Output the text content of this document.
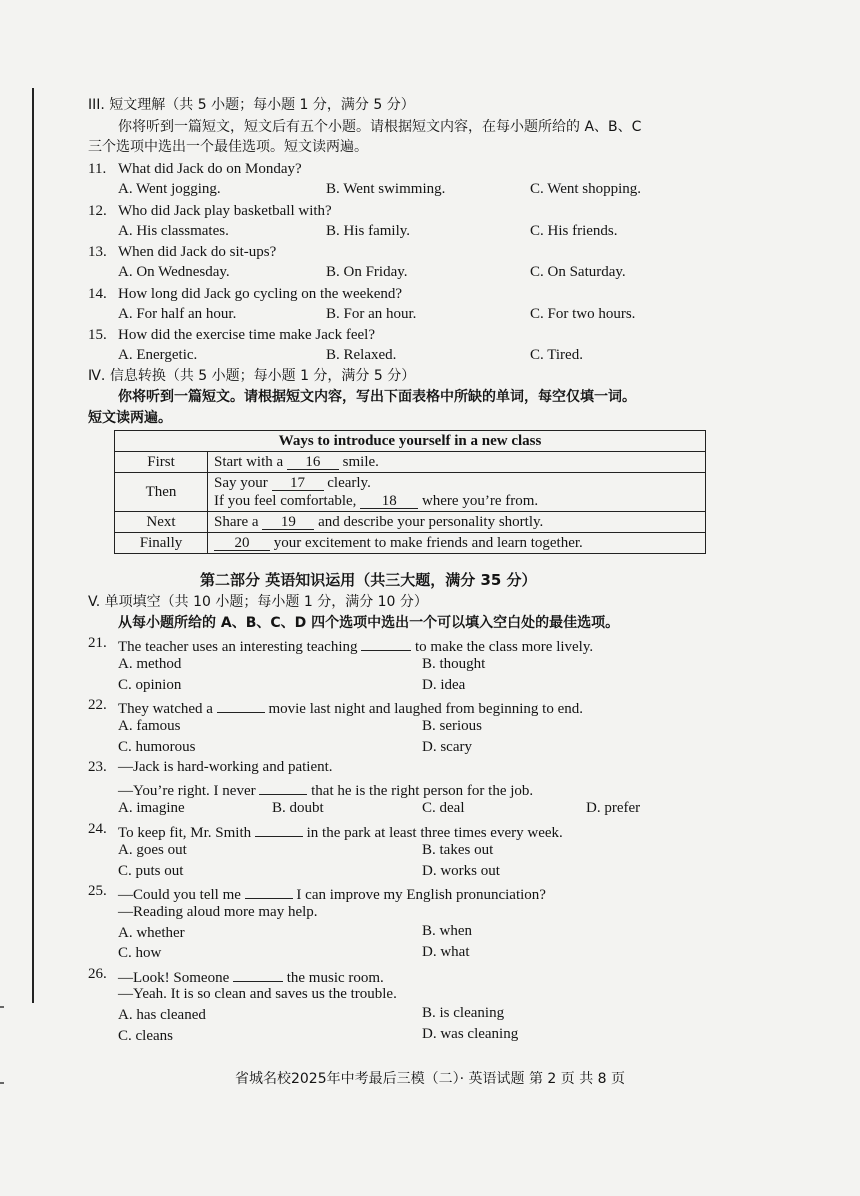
III. 短文理解（共 5 小题；每小题 1 分，满分 5 分）
你将听到一篇短文，短文后有五个小题。请根据短文内容，在每小题所给的 A、B、C
三个选项中选出一个最佳选项。短文读两遍。
11. What did Jack do on Monday?
A. Went jogging.	B. Went swimming.	C. Went shopping.
12. Who did Jack play basketball with?
A. His classmates.	B. His family.	C. His friends.
13. When did Jack do sit-ups?
A. On Wednesday.	B. On Friday.	C. On Saturday.
14. How long did Jack go cycling on the weekend?
A. For half an hour.	B. For an hour.	C. For two hours.
15. How did the exercise time make Jack feel?
A. Energetic.	B. Relaxed.	C. Tired.
Ⅳ. 信息转换（共 5 小题；每小题 1 分，满分 5 分）
你将听到一篇短文。请根据短文内容，写出下面表格中所缺的单词，每空仅填一词。
短文读两遍。
Ways to introduce yourself in a new class	
First	Start with a 16 smile.
Then	Say your 17 clearly.
If you feel comfortable, 18 where you’re from.

Next	Share a 19 and describe your personality shortly.
Finally	20 your excitement to make friends and learn together.
第二部分 英语知识运用（共三大题，满分 35 分）
V. 单项填空（共 10 小题；每小题 1 分，满分 10 分）
从每小题所给的 A、B、C、D 四个选项中选出一个可以填入空白处的最佳选项。
21. The teacher uses an interesting teaching	to make the class more lively.
A. method	B. thought
C. opinion	D. idea
22. They watched a	movie last night and laughed from beginning to end.
A. famous	B. serious
C. humorous	D. scary
23. —Jack is hard-working and patient.
—You’re right. I never	that he is the right person for the job.
A. imagine	B. doubt	C. deal	D. prefer
24. To keep fit, Mr. Smith	in the park at least three times every week.
A. goes out	B. takes out
C. puts out	D. works out
25. —Could you tell me	I can improve my English pronunciation?
—Reading aloud more may help.
A. whether	B. when
C. how	D. what
26. —Look! Someone	the music room.
—Yeah. It is so clean and saves us the trouble.
A. has cleaned	B. is cleaning
C. cleans	D. was cleaning
省城名校2025年中考最后三模（二）· 英语试题 第 2 页 共 8 页
